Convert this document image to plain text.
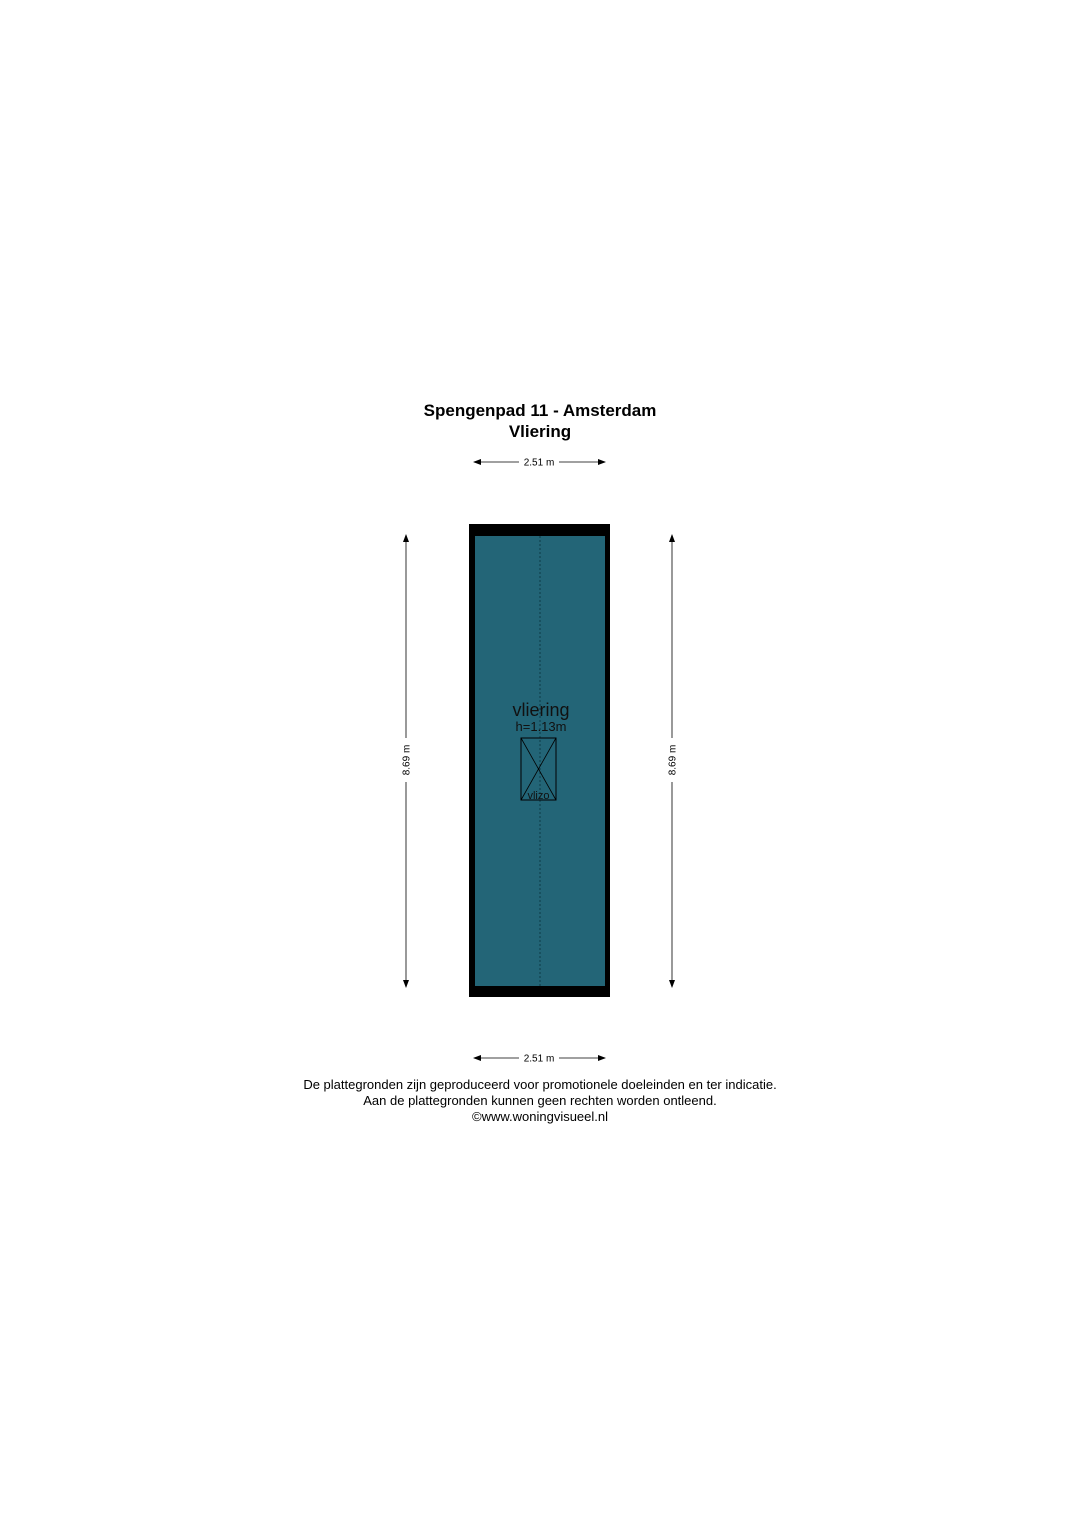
Spengenpad 11 - Amsterdam
Vliering
2.51 m
2.51 m
8.69 m	8.69 m
vliering
h=1.13m
vlizo
De plattegronden zijn geproduceerd voor promotionele doeleinden en ter indicatie.
Aan de plattegronden kunnen geen rechten worden ontleend.
©www.woningvisueel.nl
